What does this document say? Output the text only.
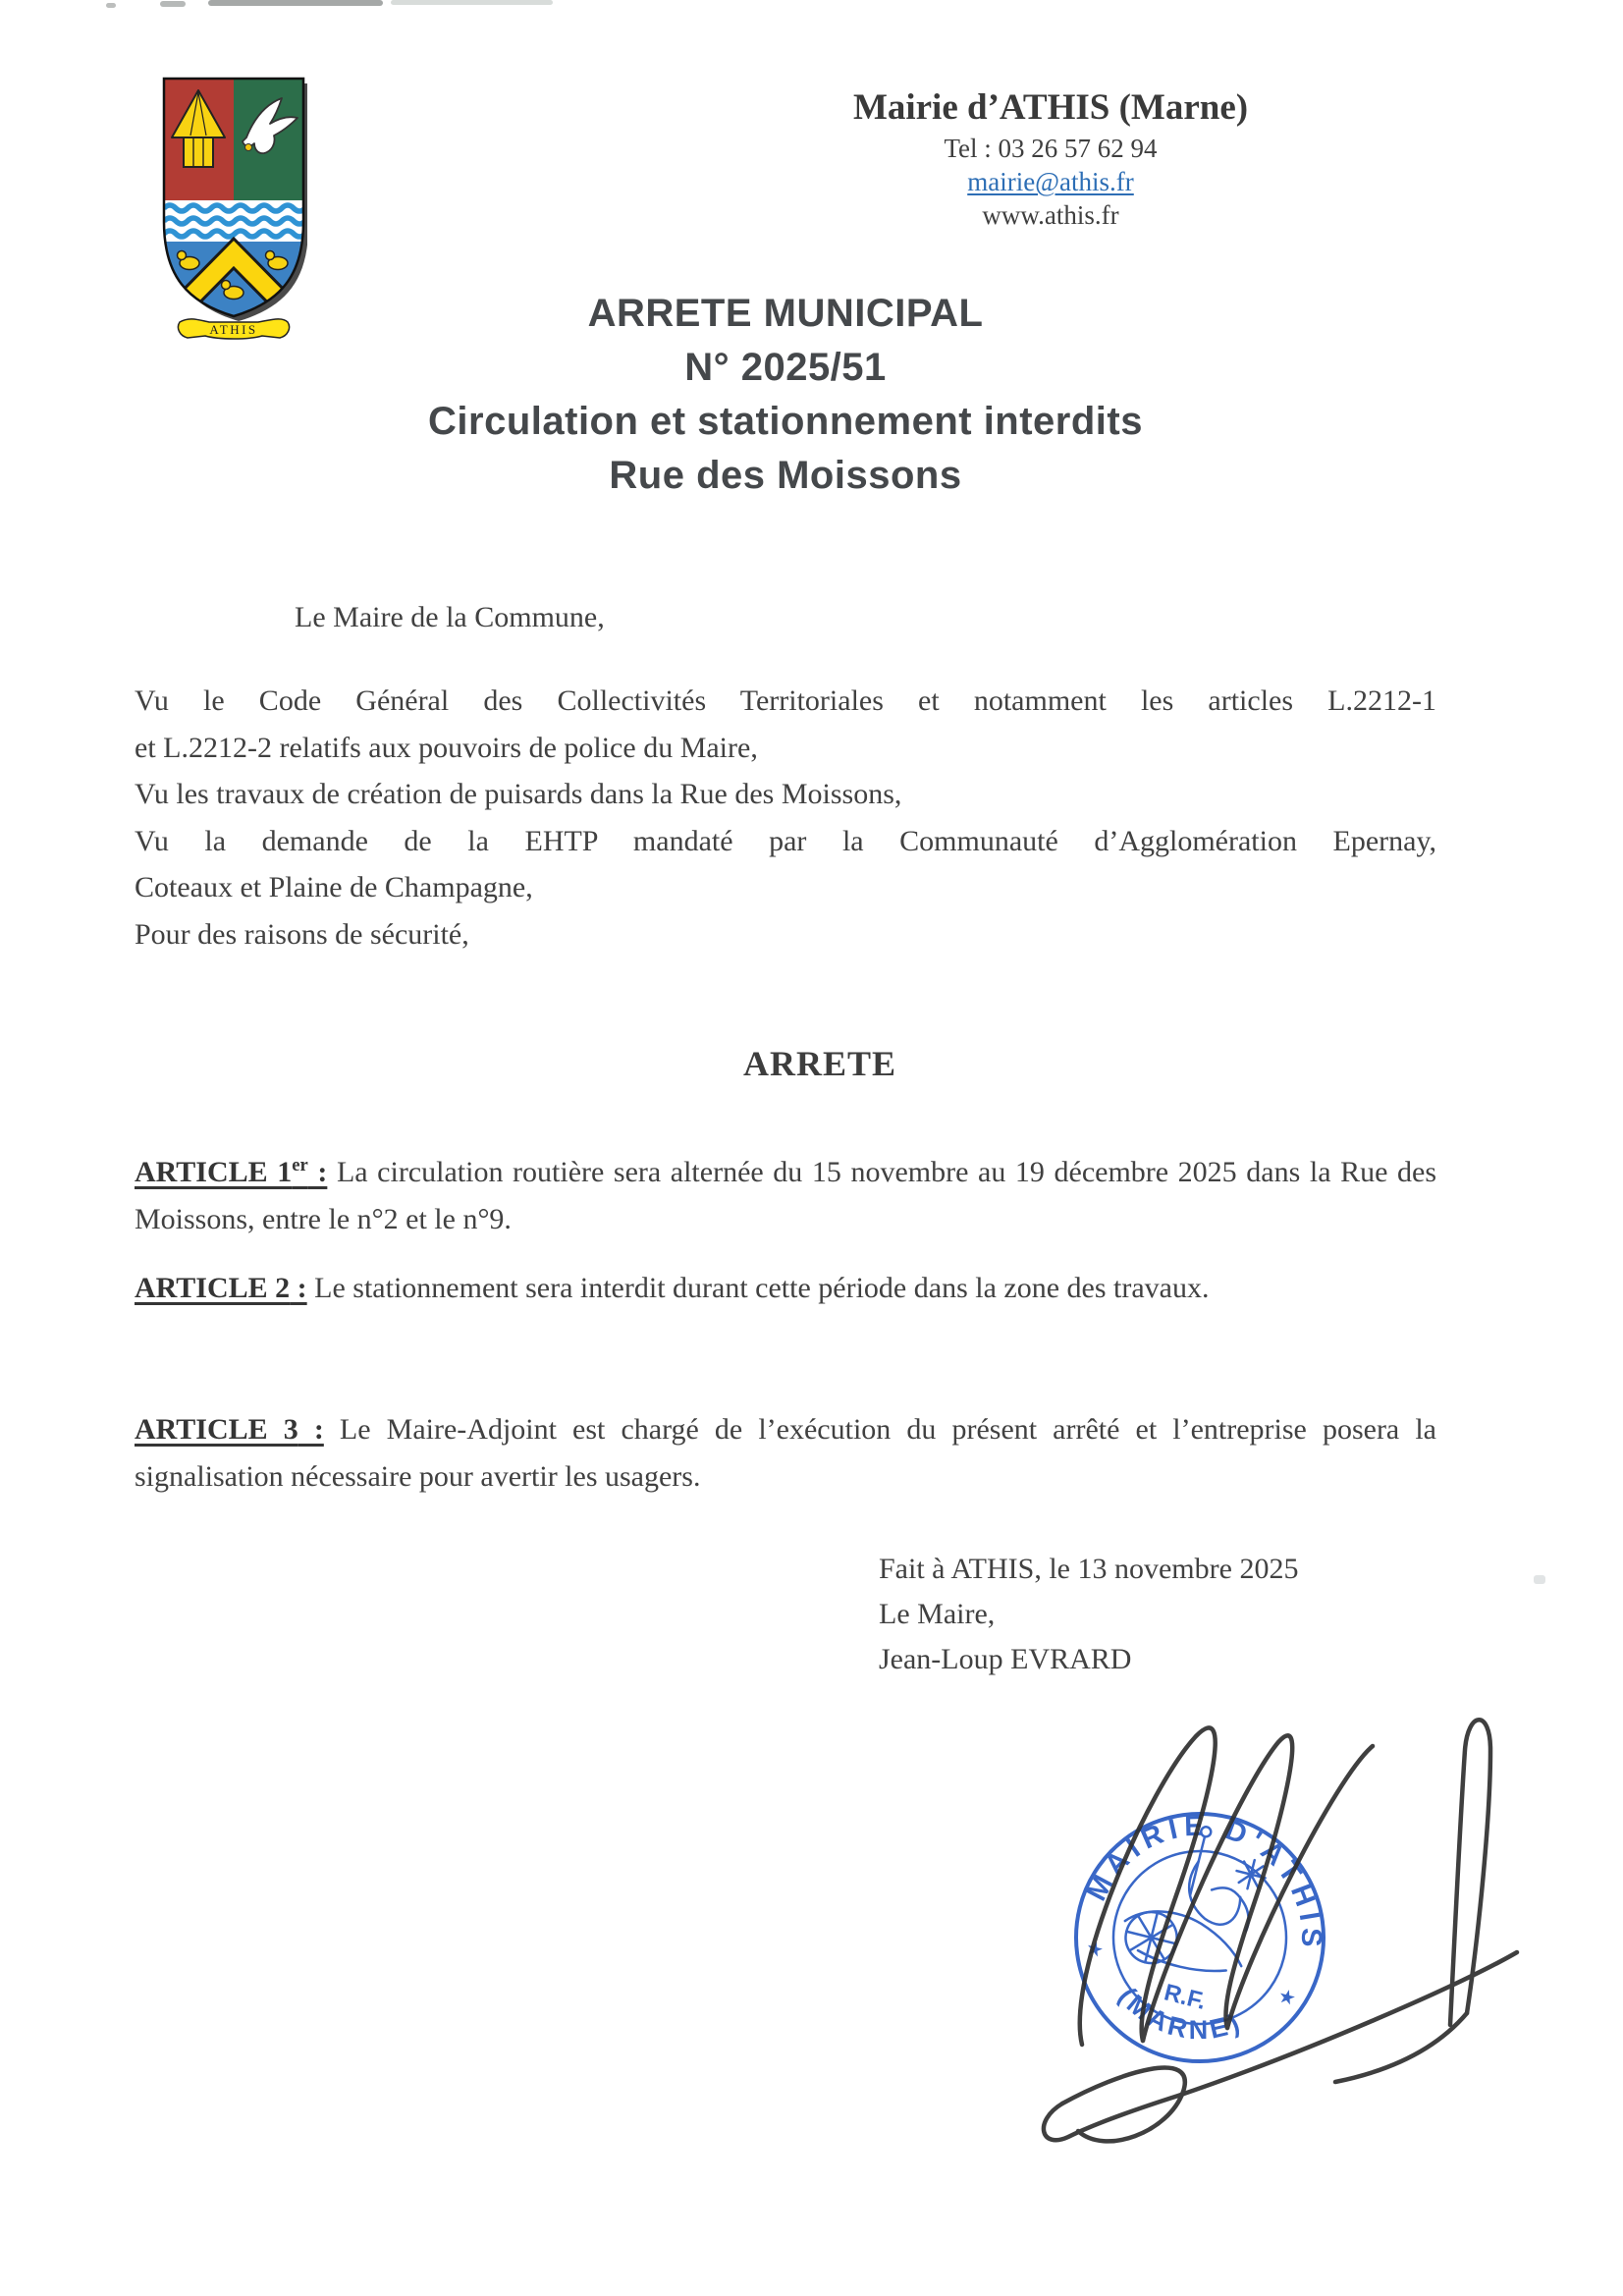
ATHIS
Mairie d’ATHIS (Marne)
Tel : 03 26 57 62 94
mairie@athis.fr
www.athis.fr
ARRETE MUNICIPAL
N° 2025/51
Circulation et stationnement interdits
Rue des Moissons
Le Maire de la Commune,
Vu le Code Général des Collectivités Territoriales et notamment les articles L.2212-1
et L.2212-2 relatifs aux pouvoirs de police du Maire,
Vu les travaux de création de puisards dans la Rue des Moissons,
Vu la demande de la EHTP mandaté par la Communauté d’Agglomération Epernay,
Coteaux et Plaine de Champagne,
Pour des raisons de sécurité,
ARRETE
ARTICLE 1er : La circulation routière sera alternée du 15 novembre au 19 décembre 2025 dans la Rue des Moissons, entre le n°2 et le n°9.
ARTICLE 2 : Le stationnement sera interdit durant cette période dans la zone des travaux.
ARTICLE 3 : Le Maire-Adjoint est chargé de l’exécution du présent arrêté et l’entreprise posera la signalisation nécessaire pour avertir les usagers.
Fait à ATHIS, le 13 novembre 2025
Le Maire,
Jean-Loup EVRARD
MAIRIE D'ATHIS
(MARNE)
R.F.
★
★
